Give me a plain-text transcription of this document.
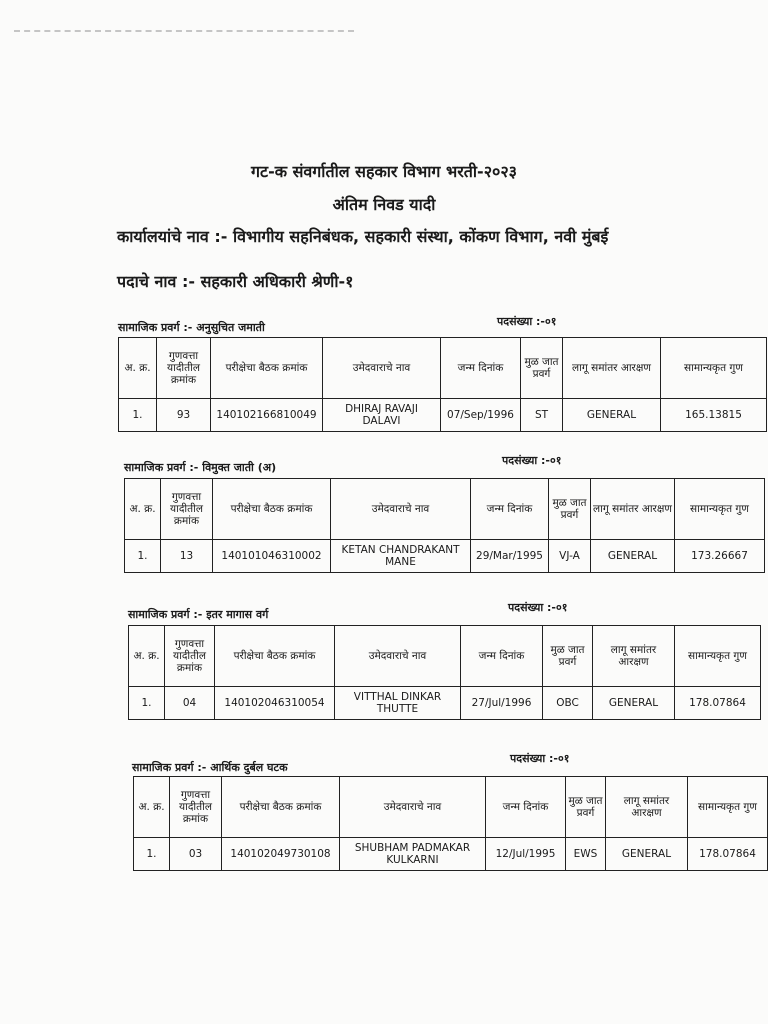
गट-क संवर्गातील सहकार विभाग भरती-२०२३
अंतिम निवड यादी
कार्यालयांचे नाव :- विभागीय सहनिबंधक, सहकारी संस्था, कोंकण विभाग, नवी मुंबई
पदाचे नाव :- सहकारी अधिकारी श्रेणी-१
सामाजिक प्रवर्ग :- अनुसुचित जमाती	पदसंख्या :-०१
अ. क्र.	गुणवत्ता यादीतील क्रमांक	परीक्षेचा बैठक क्रमांक	उमेदवाराचे नाव	जन्म दिनांक	मुळ जात प्रवर्ग	लागू समांतर आरक्षण	सामान्यकृत गुण
1.	93	140102166810049	DHIRAJ RAVAJI DALAVI	07/Sep/1996	ST	GENERAL	165.13815
सामाजिक प्रवर्ग :- विमुक्त जाती (अ)
पदसंख्या :-०१
अ. क्र.	गुणवत्ता यादीतील क्रमांक	परीक्षेचा बैठक क्रमांक	उमेदवाराचे नाव	जन्म दिनांक	मुळ जात प्रवर्ग	लागू समांतर आरक्षण	सामान्यकृत गुण
1.	13	140101046310002	KETAN CHANDRAKANT MANE	29/Mar/1995	VJ-A	GENERAL	173.26667
सामाजिक प्रवर्ग :- इतर मागास वर्ग
पदसंख्या :-०१
अ. क्र.	गुणवत्ता यादीतील क्रमांक	परीक्षेचा बैठक क्रमांक	उमेदवाराचे नाव	जन्म दिनांक	मुळ जात प्रवर्ग	लागू समांतर आरक्षण	सामान्यकृत गुण
1.	04	140102046310054	VITTHAL DINKAR THUTTE	27/Jul/1996	OBC	GENERAL	178.07864
सामाजिक प्रवर्ग :- आर्थिक दुर्बल घटक
पदसंख्या :-०१
अ. क्र.	गुणवत्ता यादीतील क्रमांक	परीक्षेचा बैठक क्रमांक	उमेदवाराचे नाव	जन्म दिनांक	मुळ जात प्रवर्ग	लागू समांतर आरक्षण	सामान्यकृत गुण
1.	03	140102049730108	SHUBHAM PADMAKAR KULKARNI	12/Jul/1995	EWS	GENERAL	178.07864
